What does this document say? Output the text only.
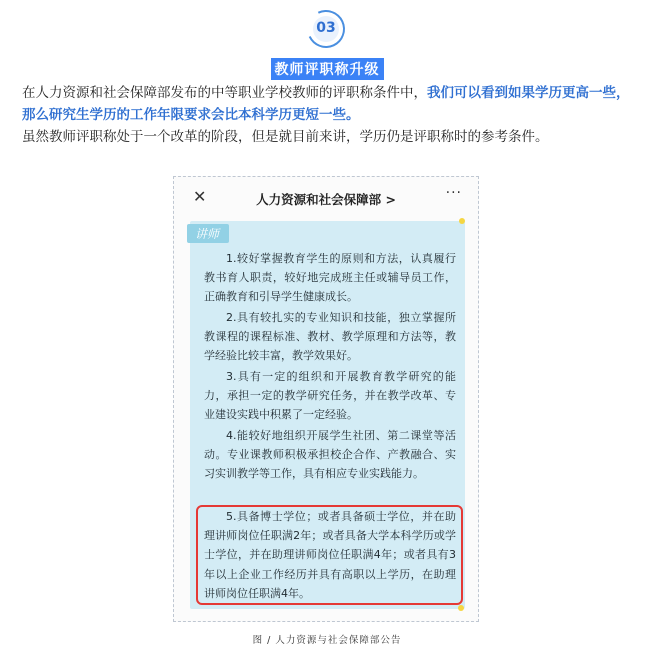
03
教师评职称升级
在人力资源和社会保障部发布的中等职业学校教师的评职称条件中，我们可以看到如果学历更高一些，那么研究生学历的工作年限要求会比本科学历更短一些。
虽然教师评职称处于一个改革的阶段，但是就目前来讲，学历仍是评职称时的参考条件。
✕	人力资源和社会保障部 >	···
讲师
1.较好掌握教育学生的原则和方法，认真履行教书育人职责，较好地完成班主任或辅导员工作，正确教育和引导学生健康成长。
2.具有较扎实的专业知识和技能，独立掌握所教课程的课程标准、教材、教学原理和方法等，教学经验比较丰富，教学效果好。
3.具有一定的组织和开展教育教学研究的能力，承担一定的教学研究任务，并在教学改革、专业建设实践中积累了一定经验。
4.能较好地组织开展学生社团、第二课堂等活动。专业课教师积极承担校企合作、产教融合、实习实训教学等工作，具有相应专业实践能力。
5.具备博士学位；或者具备硕士学位，并在助理讲师岗位任职满2年；或者具备大学本科学历或学士学位，并在助理讲师岗位任职满4年；或者具有3年以上企业工作经历并具有高职以上学历，在助理讲师岗位任职满4年。
图 / 人力资源与社会保障部公告
